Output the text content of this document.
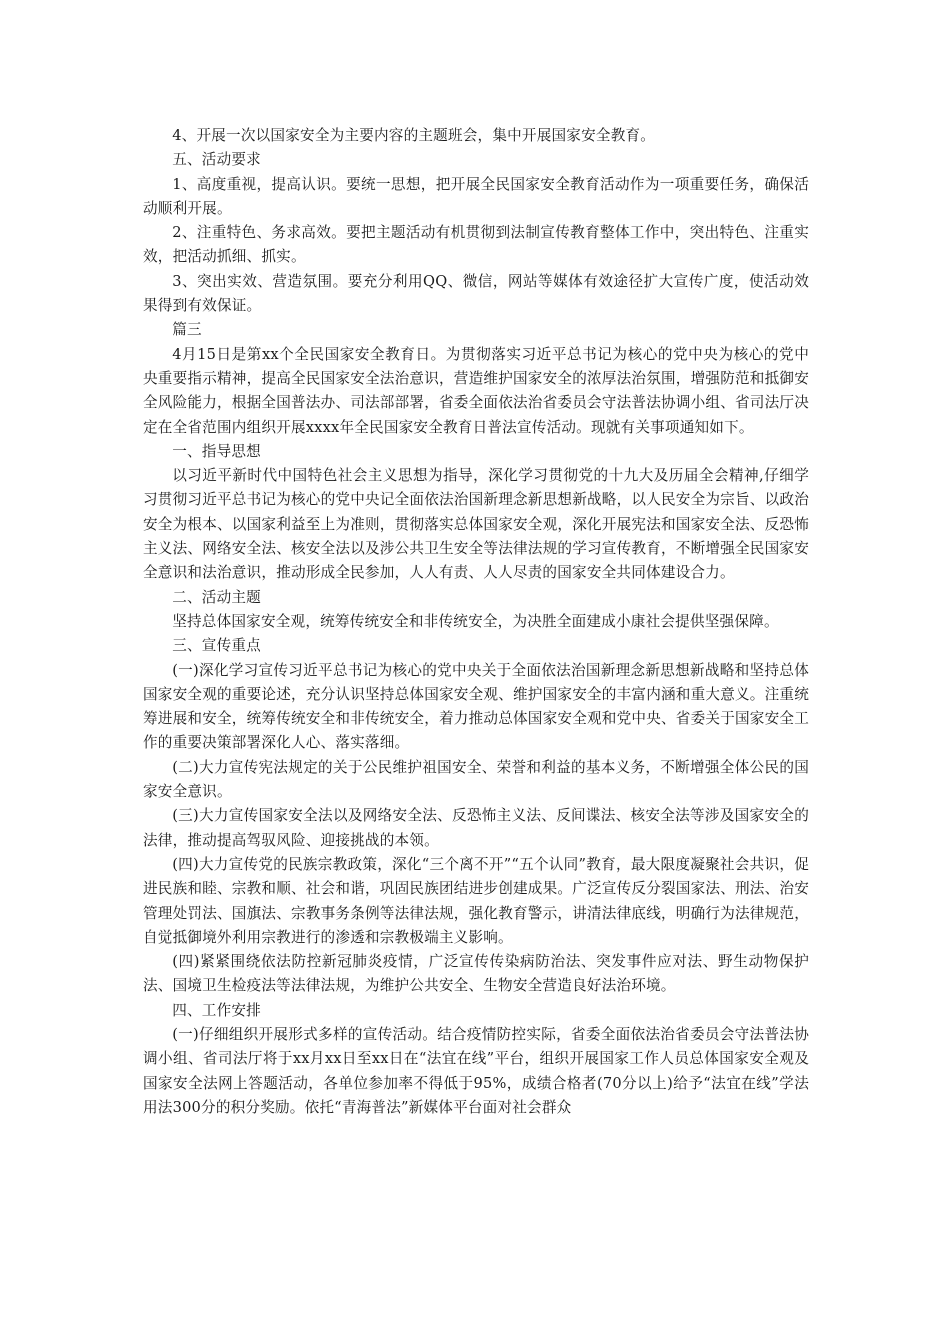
4、开展一次以国家安全为主要内容的主题班会，集中开展国家安全教育。

五、活动要求

1、高度重视，提高认识。要统一思想，把开展全民国家安全教育活动作为一项重要任务，确保活动顺利开展。

2、注重特色、务求高效。要把主题活动有机贯彻到法制宣传教育整体工作中，突出特色、注重实效，把活动抓细、抓实。

3、突出实效、营造氛围。要充分利用QQ、微信，网站等媒体有效途径扩大宣传广度，使活动效果得到有效保证。

篇三

4月15日是第xx个全民国家安全教育日。为贯彻落实习近平总书记为核心的党中央为核心的党中央重要指示精神，提高全民国家安全法治意识，营造维护国家安全的浓厚法治氛围，增强防范和抵御安全风险能力，根据全国普法办、司法部部署，省委全面依法治省委员会守法普法协调小组、省司法厅决定在全省范围内组织开展xxxx年全民国家安全教育日普法宣传活动。现就有关事项通知如下。

一、指导思想

以习近平新时代中国特色社会主义思想为指导，深化学习贯彻党的十九大及历届全会精神,仔细学习贯彻习近平总书记为核心的党中央记全面依法治国新理念新思想新战略，以人民安全为宗旨、以政治安全为根本、以国家利益至上为准则，贯彻落实总体国家安全观，深化开展宪法和国家安全法、反恐怖主义法、网络安全法、核安全法以及涉公共卫生安全等法律法规的学习宣传教育，不断增强全民国家安全意识和法治意识，推动形成全民参加，人人有责、人人尽责的国家安全共同体建设合力。

二、活动主题

坚持总体国家安全观，统筹传统安全和非传统安全，为决胜全面建成小康社会提供坚强保障。

三、宣传重点

(一)深化学习宣传习近平总书记为核心的党中央关于全面依法治国新理念新思想新战略和坚持总体国家安全观的重要论述，充分认识坚持总体国家安全观、维护国家安全的丰富内涵和重大意义。注重统筹进展和安全，统筹传统安全和非传统安全，着力推动总体国家安全观和党中央、省委关于国家安全工作的重要决策部署深化人心、落实落细。

(二)大力宣传宪法规定的关于公民维护祖国安全、荣誉和利益的基本义务，不断增强全体公民的国家安全意识。

(三)大力宣传国家安全法以及网络安全法、反恐怖主义法、反间谍法、核安全法等涉及国家安全的法律，推动提高驾驭风险、迎接挑战的本领。

(四)大力宣传党的民族宗教政策，深化“三个离不开”“五个认同”教育，最大限度凝聚社会共识，促进民族和睦、宗教和顺、社会和谐，巩固民族团结进步创建成果。广泛宣传反分裂国家法、刑法、治安管理处罚法、国旗法、宗教事务条例等法律法规，强化教育警示，讲清法律底线，明确行为法律规范，自觉抵御境外利用宗教进行的渗透和宗教极端主义影响。

(四)紧紧围绕依法防控新冠肺炎疫情，广泛宣传传染病防治法、突发事件应对法、野生动物保护法、国境卫生检疫法等法律法规，为维护公共安全、生物安全营造良好法治环境。

四、工作安排

(一)仔细组织开展形式多样的宣传活动。结合疫情防控实际，省委全面依法治省委员会守法普法协调小组、省司法厅将于xx月xx日至xx日在“法宜在线”平台，组织开展国家工作人员总体国家安全观及国家安全法网上答题活动，各单位参加率不得低于95%，成绩合格者(70分以上)给予“法宜在线”学法用法300分的积分奖励。依托“青海普法”新媒体平台面对社会群众
